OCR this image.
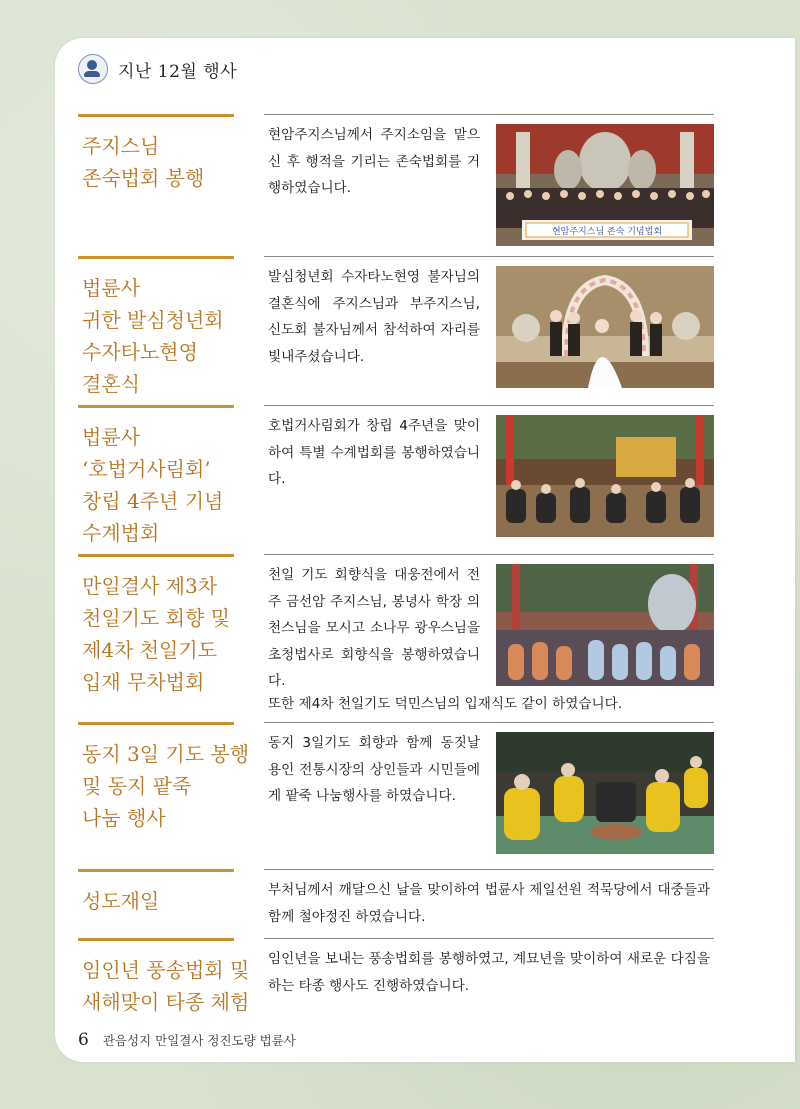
지난 12월 행사
주지스님
존숙법회 봉행
현암주지스님께서 주지소임을 맡으신 후 행적을 기리는 존숙법회를 거행하였습니다.
현암주지스님 존숙 기념법회
법륜사
귀한 발심청년회
수자타노현영
결혼식
발심청년회 수자타노현영 불자님의 결혼식에 주지스님과 부주지스님, 신도회 불자님께서 참석하여 자리를 빛내주셨습니다.
법륜사
‘호법거사림회’
창립 4주년 기념
수계법회
호법거사림회가 창립 4주년을 맞이하여 특별 수계법회를 봉행하였습니다.
만일결사 제3차
천일기도 회향 및
제4차 천일기도
입재 무차법회
천일 기도 회향식을 대웅전에서 전주 금선암 주지스님, 봉녕사 학장 의천스님을 모시고 소나무 광우스님을 초청법사로 회향식을 봉행하였습니다.
또한 제4차 천일기도 덕민스님의 입재식도 같이 하였습니다.
동지 3일 기도 봉행
및 동지 팥죽
나눔 행사
동지 3일기도 회향과 함께 동짓날 용인 전통시장의 상인들과 시민들에게 팥죽 나눔행사를 하였습니다.
성도재일	부처님께서 깨달으신 날을 맞이하여 법륜사 제일선원 적묵당에서 대중들과 함께 철야정진 하였습니다.
임인년 풍송법회 및
새해맞이 타종 체험
임인년을 보내는 풍송법회를 봉행하였고, 계묘년을 맞이하여 새로운 다짐을 하는 타종 행사도 진행하였습니다.
6 관음성지 만일결사 정진도량 법륜사
